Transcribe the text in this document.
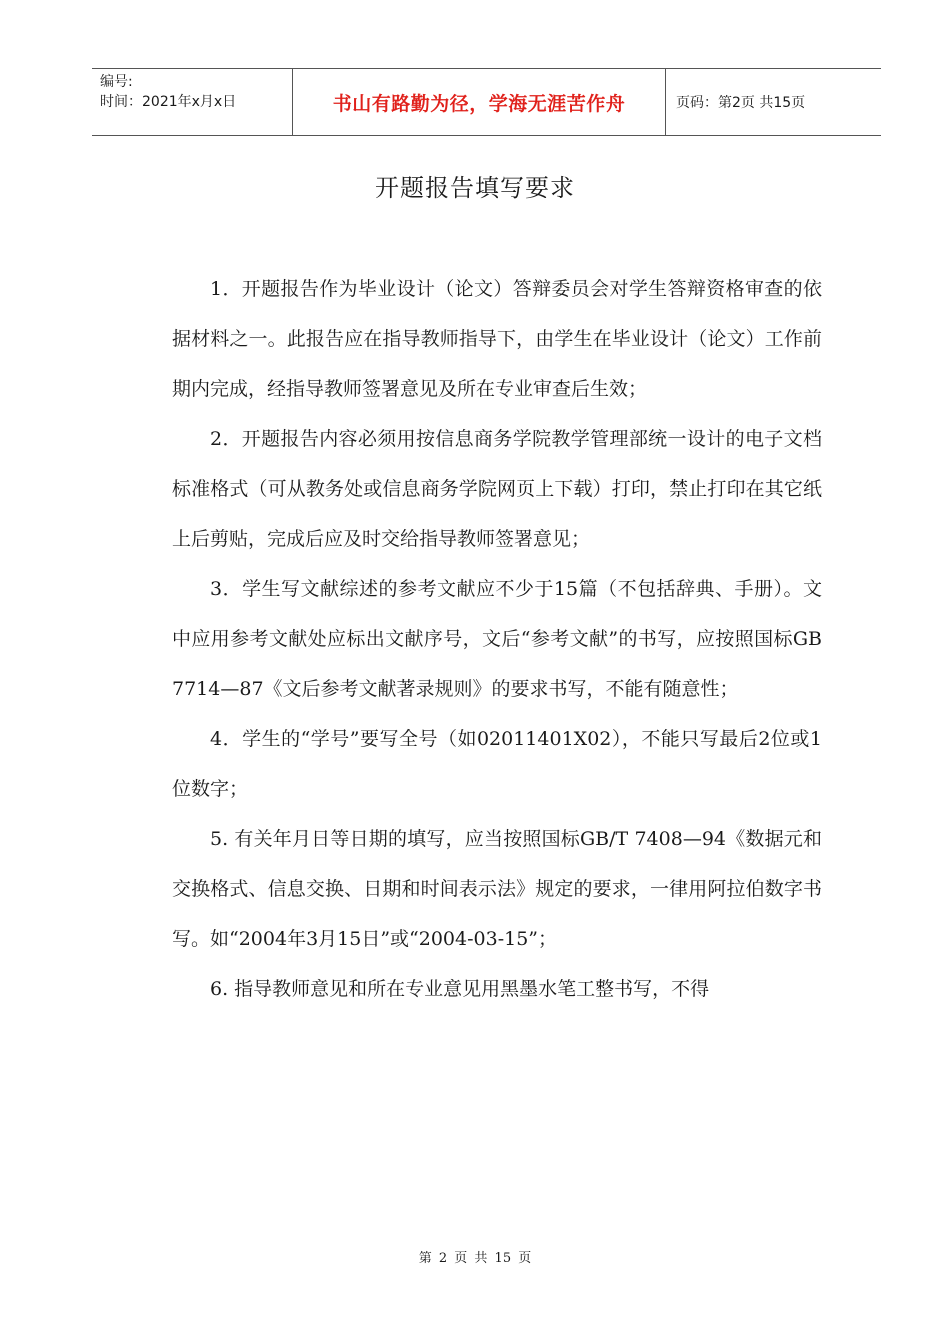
编号:
时间：2021年x月x日	书山有路勤为径，学海无涯苦作舟	页码：第2页 共15页
开题报告填写要求

1．开题报告作为毕业设计（论文）答辩委员会对学生答辩资格审查的依据材料之一。此报告应在指导教师指导下，由学生在毕业设计（论文）工作前期内完成，经指导教师签署意见及所在专业审查后生效；

2．开题报告内容必须用按信息商务学院教学管理部统一设计的电子文档标准格式（可从教务处或信息商务学院网页上下载）打印，禁止打印在其它纸上后剪贴，完成后应及时交给指导教师签署意见；

3．学生写文献综述的参考文献应不少于15篇（不包括辞典、手册）。文中应用参考文献处应标出文献序号，文后“参考文献”的书写，应按照国标GB 7714—87《文后参考文献著录规则》的要求书写，不能有随意性；

4．学生的“学号”要写全号（如02011401X02），不能只写最后2位或1位数字；

5. 有关年月日等日期的填写，应当按照国标GB/T 7408—94《数据元和交换格式、信息交换、日期和时间表示法》规定的要求，一律用阿拉伯数字书写。如“2004年3月15日”或“2004-03-15”；

6. 指导教师意见和所在专业意见用黑墨水笔工整书写，不得

第 2 页 共 15 页
